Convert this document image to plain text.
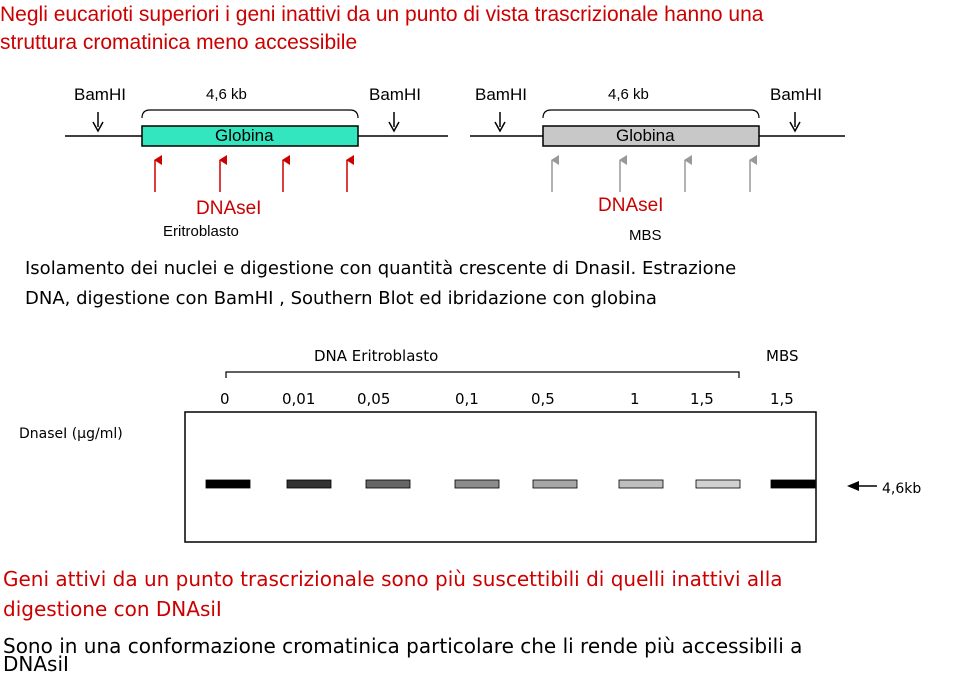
Negli eucarioti superiori i geni inattivi da un punto di vista trascrizionale hanno una
struttura cromatinica meno accessibile
BamHI	4,6 kb	BamHI
Globina
DNAseI
Eritroblasto
BamHI	4,6 kb	BamHI
Globina
DNAseI
MBS
Isolamento dei nuclei e digestione con quantità crescente di DnasiI. Estrazione
DNA, digestione con BamHI , Southern Blot ed ibridazione con globina
DNA Eritroblasto	MBS
DnaseI (µg/ml)
4,6kb
0	0,01	0,05	0,1	0,5	1	1,5	1,5
Geni attivi da un punto trascrizionale sono più suscettibili di quelli inattivi alla
digestione con DNAsiI
Sono in una conformazione cromatinica particolare che li rende più accessibili a
DNAsiI
